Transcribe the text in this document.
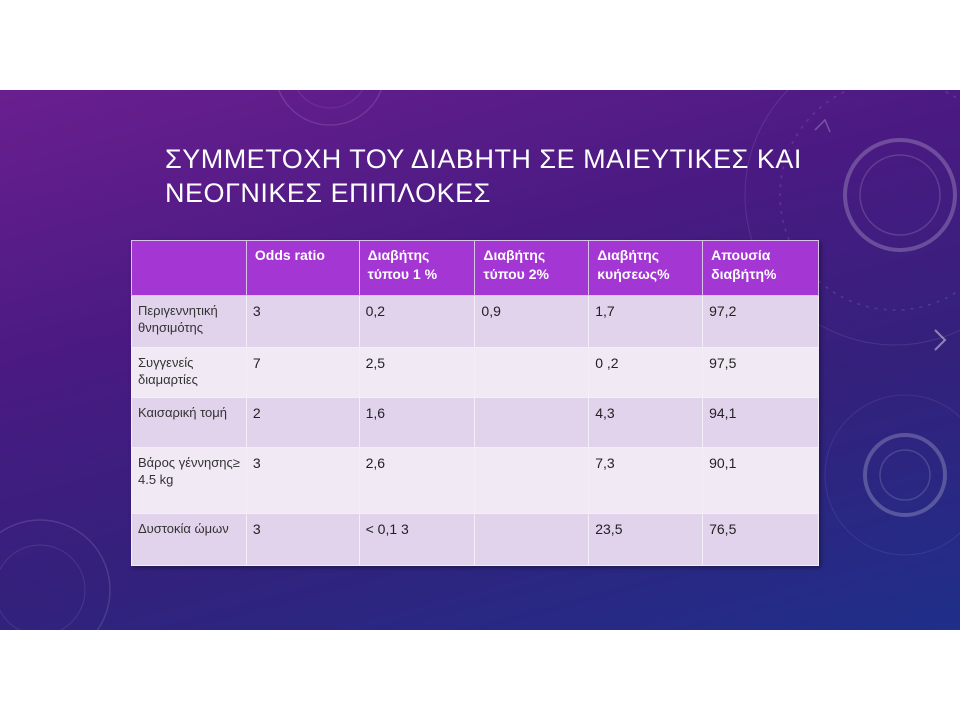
ΣΥΜΜΕΤΟΧΗ ΤΟΥ ΔΙΑΒΗΤΗ ΣΕ ΜΑΙΕΥΤΙΚΕΣ ΚΑΙ
ΝΕΟΓΝΙΚΕΣ ΕΠΙΠΛΟΚΕΣ
	Odds ratio	Διαβήτης τύπου 1 %	Διαβήτης τύπου 2%	Διαβήτης κυήσεως%	Απουσία διαβήτη%
Περιγεννητική θνησιμότης	3	0,2	0,9	1,7	97,2
Συγγενείς διαμαρτίες	7	2,5		0 ,2	97,5
Καισαρική τομή	2	1,6		4,3	94,1
Βάρος γέννησης≥ 4.5 kg	3	2,6		7,3	90,1
Δυστοκία ώμων	3	< 0,1 3		23,5	76,5
